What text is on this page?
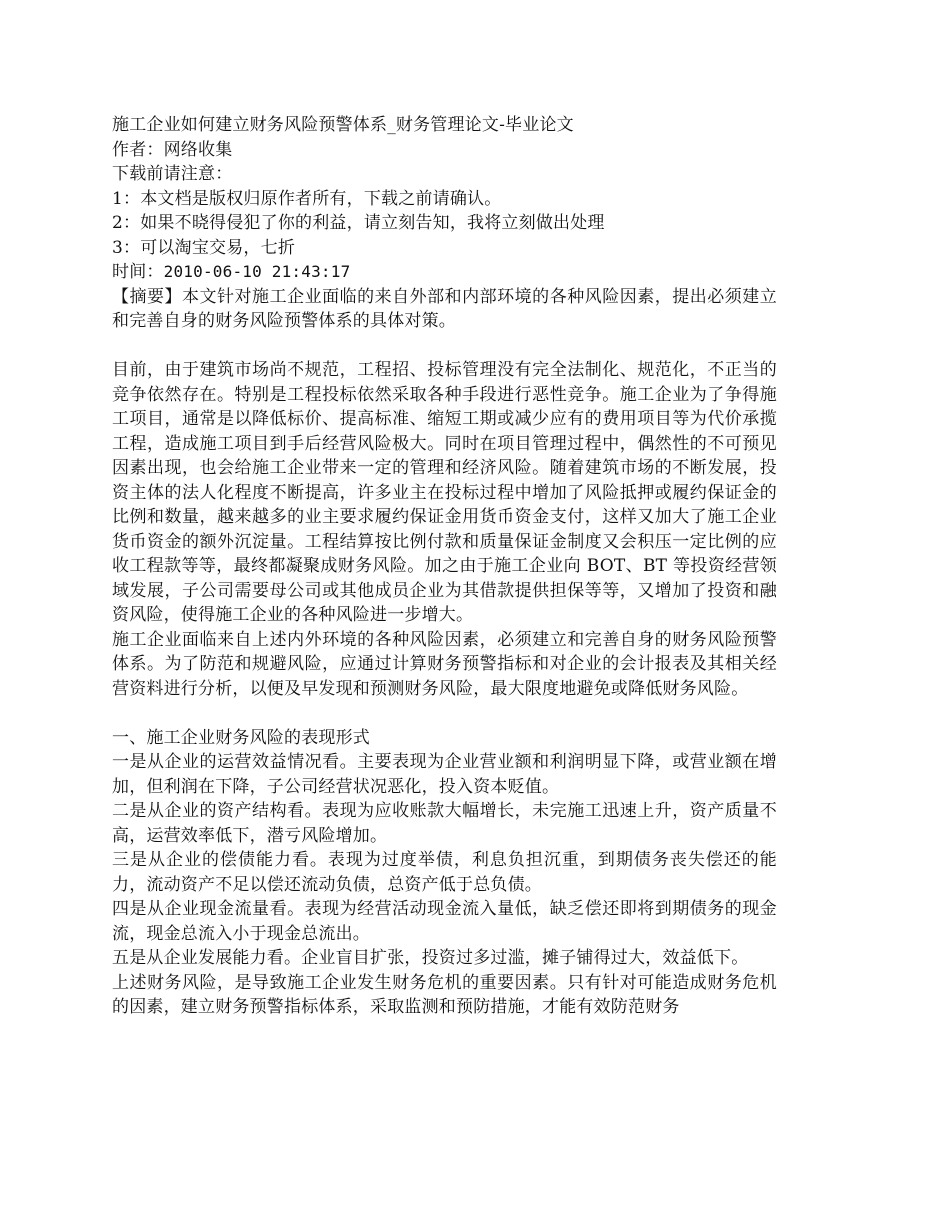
施工企业如何建立财务风险预警体系_财务管理论文-毕业论文

作者：网络收集

下载前请注意：

1：本文档是版权归原作者所有，下载之前请确认。

2：如果不晓得侵犯了你的利益，请立刻告知，我将立刻做出处理

3：可以淘宝交易，七折

时间：2010-06-10 21:43:17

【摘要】本文针对施工企业面临的来自外部和内部环境的各种风险因素，提出必须建立和完善自身的财务风险预警体系的具体对策。

目前，由于建筑市场尚不规范，工程招、投标管理没有完全法制化、规范化，不正当的竞争依然存在。特别是工程投标依然采取各种手段进行恶性竞争。施工企业为了争得施工项目，通常是以降低标价、提高标准、缩短工期或减少应有的费用项目等为代价承揽工程，造成施工项目到手后经营风险极大。同时在项目管理过程中，偶然性的不可预见因素出现，也会给施工企业带来一定的管理和经济风险。随着建筑市场的不断发展，投资主体的法人化程度不断提高，许多业主在投标过程中增加了风险抵押或履约保证金的比例和数量，越来越多的业主要求履约保证金用货币资金支付，这样又加大了施工企业货币资金的额外沉淀量。工程结算按比例付款和质量保证金制度又会积压一定比例的应收工程款等等，最终都凝聚成财务风险。加之由于施工企业向 BOT、BT 等投资经营领域发展，子公司需要母公司或其他成员企业为其借款提供担保等等，又增加了投资和融资风险，使得施工企业的各种风险进一步增大。

施工企业面临来自上述内外环境的各种风险因素，必须建立和完善自身的财务风险预警体系。为了防范和规避风险，应通过计算财务预警指标和对企业的会计报表及其相关经营资料进行分析，以便及早发现和预测财务风险，最大限度地避免或降低财务风险。

一、施工企业财务风险的表现形式

一是从企业的运营效益情况看。主要表现为企业营业额和利润明显下降，或营业额在增加，但利润在下降，子公司经营状况恶化，投入资本贬值。

二是从企业的资产结构看。表现为应收账款大幅增长，未完施工迅速上升，资产质量不高，运营效率低下，潜亏风险增加。

三是从企业的偿债能力看。表现为过度举债，利息负担沉重，到期债务丧失偿还的能力，流动资产不足以偿还流动负债，总资产低于总负债。

四是从企业现金流量看。表现为经营活动现金流入量低，缺乏偿还即将到期债务的现金流，现金总流入小于现金总流出。

五是从企业发展能力看。企业盲目扩张，投资过多过滥，摊子铺得过大，效益低下。

上述财务风险，是导致施工企业发生财务危机的重要因素。只有针对可能造成财务危机的因素，建立财务预警指标体系，采取监测和预防措施，才能有效防范财务
